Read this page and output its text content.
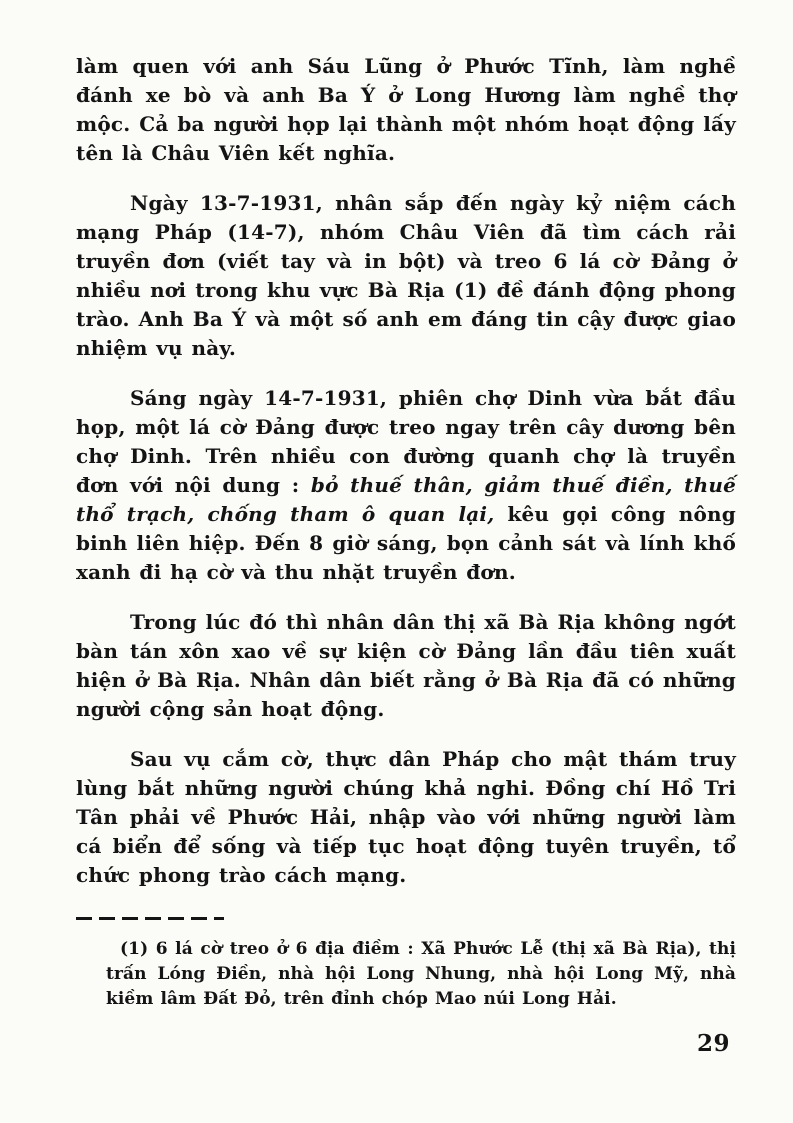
làm quen với anh Sáu Lũng ở Phước Tĩnh, làm nghề đánh xe bò và anh Ba Ý ở Long Hương làm nghề thợ mộc. Cả ba người họp lại thành một nhóm hoạt động lấy tên là Châu Viên kết nghĩa.

Ngày 13-7-1931, nhân sắp đến ngày kỷ niệm cách mạng Pháp (14-7), nhóm Châu Viên đã tìm cách rải truyền đơn (viết tay và in bột) và treo 6 lá cờ Đảng ở nhiều nơi trong khu vực Bà Rịa (1) đề đánh động phong trào. Anh Ba Ý và một số anh em đáng tin cậy được giao nhiệm vụ này.

Sáng ngày 14-7-1931, phiên chợ Dinh vừa bắt đầu họp, một lá cờ Đảng được treo ngay trên cây dương bên chợ Dinh. Trên nhiều con đường quanh chợ là truyền đơn với nội dung : bỏ thuế thân, giảm thuế điền, thuế thổ trạch, chống tham ô quan lại, kêu gọi công nông binh liên hiệp. Đến 8 giờ sáng, bọn cảnh sát và lính khố xanh đi hạ cờ và thu nhặt truyền đơn.

Trong lúc đó thì nhân dân thị xã Bà Rịa không ngớt bàn tán xôn xao về sự kiện cờ Đảng lần đầu tiên xuất hiện ở Bà Rịa. Nhân dân biết rằng ở Bà Rịa đã có những người cộng sản hoạt động.

Sau vụ cắm cờ, thực dân Pháp cho mật thám truy lùng bắt những người chúng khả nghi. Đồng chí Hồ Tri Tân phải về Phước Hải, nhập vào với những người làm cá biển để sống và tiếp tục hoạt động tuyên truyền, tổ chức phong trào cách mạng.

(1) 6 lá cờ treo ở 6 địa điềm : Xã Phước Lễ (thị xã Bà Rịa), thị trấn Lóng Điền, nhà hội Long Nhung, nhà hội Long Mỹ, nhà kiềm lâm Đất Đỏ, trên đỉnh chóp Mao núi Long Hải.

29
